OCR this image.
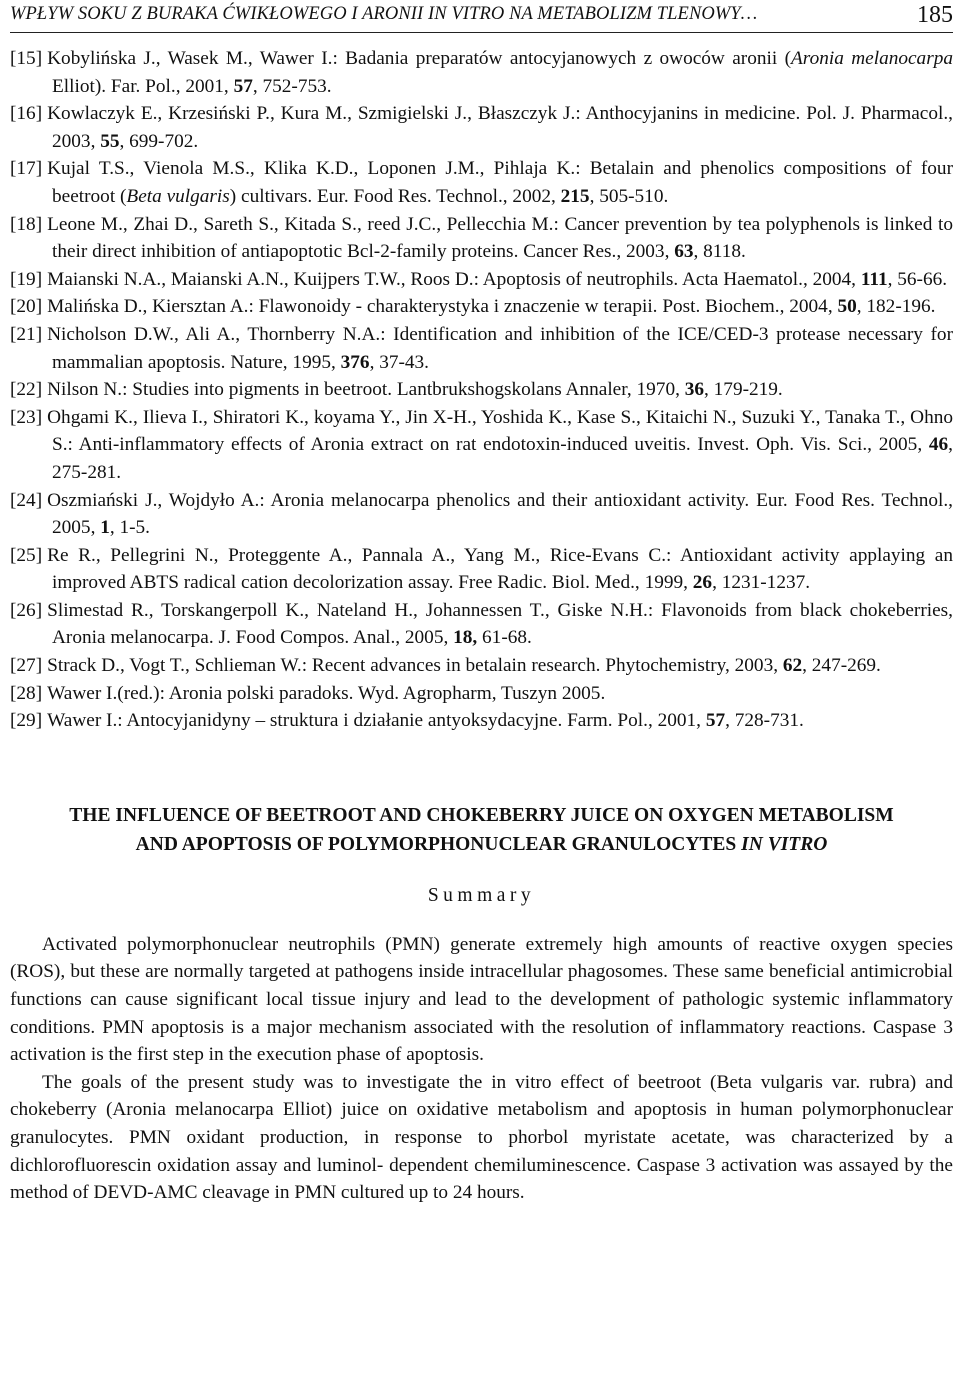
WPŁYW SOKU Z BURAKA ĆWIKŁOWEGO I ARONII IN VITRO NA METABOLIZM TLENOWY…	185
[15] Kobylińska J., Wasek M., Wawer I.: Badania preparatów antocyjanowych z owoców aronii (Aronia melanocarpa Elliot). Far. Pol., 2001, 57, 752-753.
[16] Kowlaczyk E., Krzesiński P., Kura M., Szmigielski J., Błaszczyk J.: Anthocyjanins in medicine. Pol. J. Pharmacol., 2003, 55, 699-702.
[17] Kujal T.S., Vienola M.S., Klika K.D., Loponen J.M., Pihlaja K.: Betalain and phenolics compositions of four beetroot (Beta vulgaris) cultivars. Eur. Food Res. Technol., 2002, 215, 505-510.
[18] Leone M., Zhai D., Sareth S., Kitada S., reed J.C., Pellecchia M.: Cancer prevention by tea polyphenols is linked to their direct inhibition of antiapoptotic Bcl-2-family proteins. Cancer Res., 2003, 63, 8118.
[19] Maianski N.A., Maianski A.N., Kuijpers T.W., Roos D.: Apoptosis of neutrophils. Acta Haematol., 2004, 111, 56-66.
[20] Malińska D., Kiersztan A.: Flawonoidy - charakterystyka i znaczenie w terapii. Post. Biochem., 2004, 50, 182-196.
[21] Nicholson D.W., Ali A., Thornberry N.A.: Identification and inhibition of the ICE/CED-3 protease necessary for mammalian apoptosis. Nature, 1995, 376, 37-43.
[22] Nilson N.: Studies into pigments in beetroot. Lantbrukshogskolans Annaler, 1970, 36, 179-219.
[23] Ohgami K., Ilieva I., Shiratori K., koyama Y., Jin X-H., Yoshida K., Kase S., Kitaichi N., Suzuki Y., Tanaka T., Ohno S.: Anti-inflammatory effects of Aronia extract on rat endotoxin-induced uveitis. Invest. Oph. Vis. Sci., 2005, 46, 275-281.
[24] Oszmiański J., Wojdyło A.: Aronia melanocarpa phenolics and their antioxidant activity. Eur. Food Res. Technol., 2005, 1, 1-5.
[25] Re R., Pellegrini N., Proteggente A., Pannala A., Yang M., Rice-Evans C.: Antioxidant activity applaying an improved ABTS radical cation decolorization assay. Free Radic. Biol. Med., 1999, 26, 1231-1237.
[26] Slimestad R., Torskangerpoll K., Nateland H., Johannessen T., Giske N.H.: Flavonoids from black chokeberries, Aronia melanocarpa. J. Food Compos. Anal., 2005, 18, 61-68.
[27] Strack D., Vogt T., Schlieman W.: Recent advances in betalain research. Phytochemistry, 2003, 62, 247-269.
[28] Wawer I.(red.): Aronia polski paradoks. Wyd. Agropharm, Tuszyn 2005.
[29] Wawer I.: Antocyjanidyny – struktura i działanie antyoksydacyjne. Farm. Pol., 2001, 57, 728-731.
THE INFLUENCE OF BEETROOT AND CHOKEBERRY JUICE ON OXYGEN METABOLISM
AND APOPTOSIS OF POLYMORPHONUCLEAR GRANULOCYTES IN VITRO
Summary

Activated polymorphonuclear neutrophils (PMN) generate extremely high amounts of reactive oxygen species (ROS), but these are normally targeted at pathogens inside intracellular phagosomes. These same beneficial antimicrobial functions can cause significant local tissue injury and lead to the development of pathologic systemic inflammatory conditions. PMN apoptosis is a major mechanism associated with the resolution of inflammatory reactions. Caspase 3 activation is the first step in the execution phase of apoptosis.

The goals of the present study was to investigate the in vitro effect of beetroot (Beta vulgaris var. rubra) and chokeberry (Aronia melanocarpa Elliot) juice on oxidative metabolism and apoptosis in human polymorphonuclear granulocytes. PMN oxidant production, in response to phorbol myristate acetate, was characterized by a dichlorofluorescin oxidation assay and luminol- dependent chemiluminescence. Caspase 3 activation was assayed by the method of DEVD-AMC cleavage in PMN cultured up to 24 hours.
